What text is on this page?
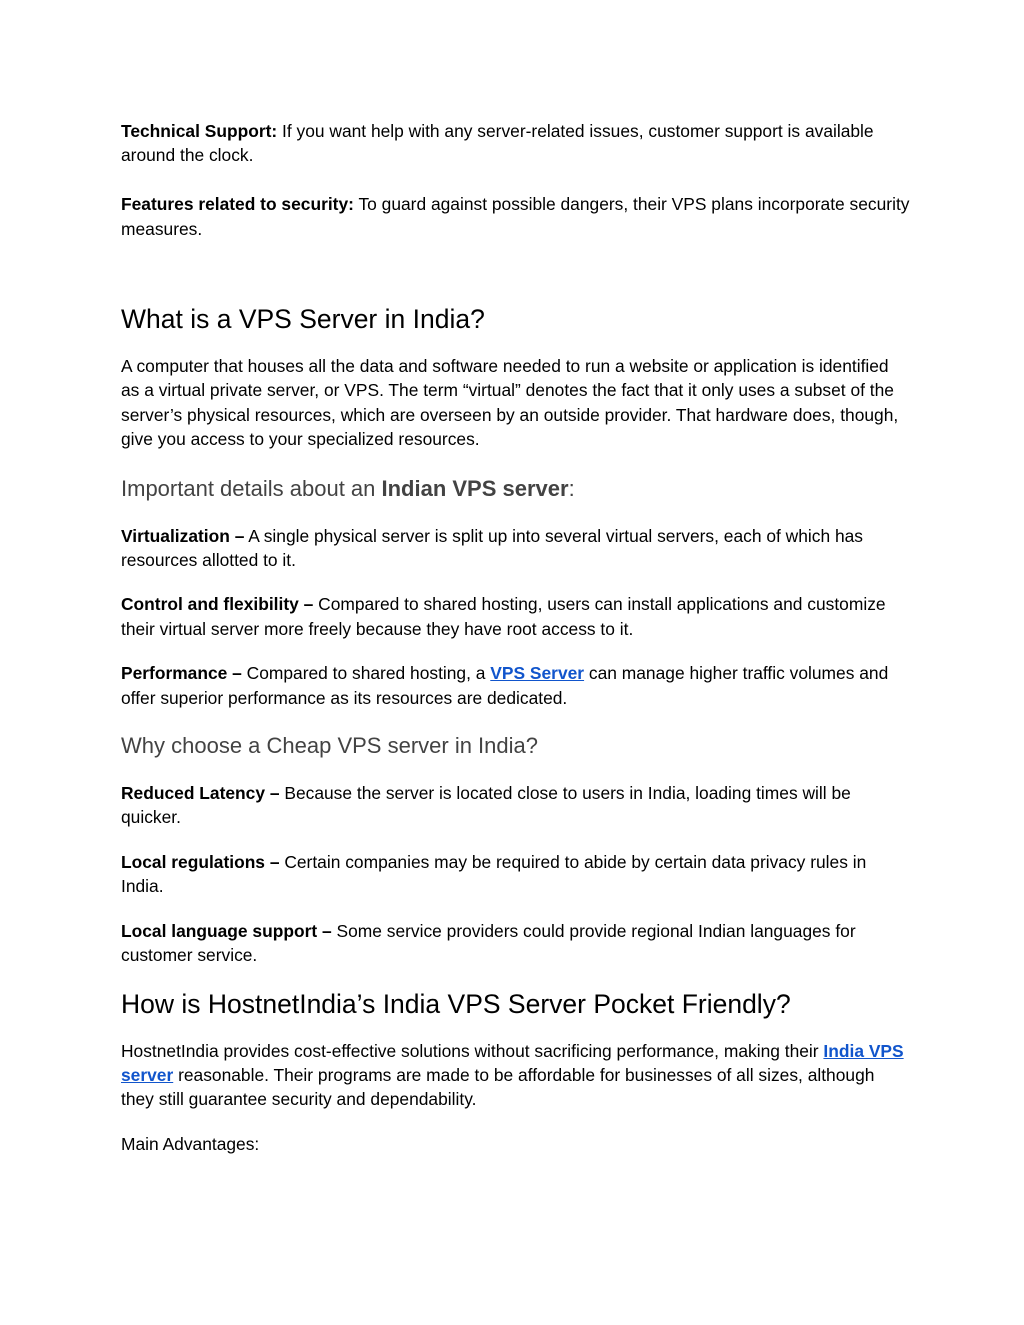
Technical Support: If you want help with any server-related issues, customer support is available around the clock.

Features related to security: To guard against possible dangers, their VPS plans incorporate security measures.

What is a VPS Server in India?

A computer that houses all the data and software needed to run a website or application is identified as a virtual private server, or VPS. The term “virtual” denotes the fact that it only uses a subset of the server’s physical resources, which are overseen by an outside provider. That hardware does, though, give you access to your specialized resources.

Important details about an Indian VPS server:

Virtualization – A single physical server is split up into several virtual servers, each of which has resources allotted to it.

Control and flexibility – Compared to shared hosting, users can install applications and customize their virtual server more freely because they have root access to it.

Performance – Compared to shared hosting, a VPS Server can manage higher traffic volumes and offer superior performance as its resources are dedicated.

Why choose a Cheap VPS server in India?

Reduced Latency – Because the server is located close to users in India, loading times will be quicker.

Local regulations – Certain companies may be required to abide by certain data privacy rules in India.

Local language support – Some service providers could provide regional Indian languages for customer service.

How is HostnetIndia’s India VPS Server Pocket Friendly?

HostnetIndia provides cost-effective solutions without sacrificing performance, making their India VPS server reasonable. Their programs are made to be affordable for businesses of all sizes, although they still guarantee security and dependability.

Main Advantages:
